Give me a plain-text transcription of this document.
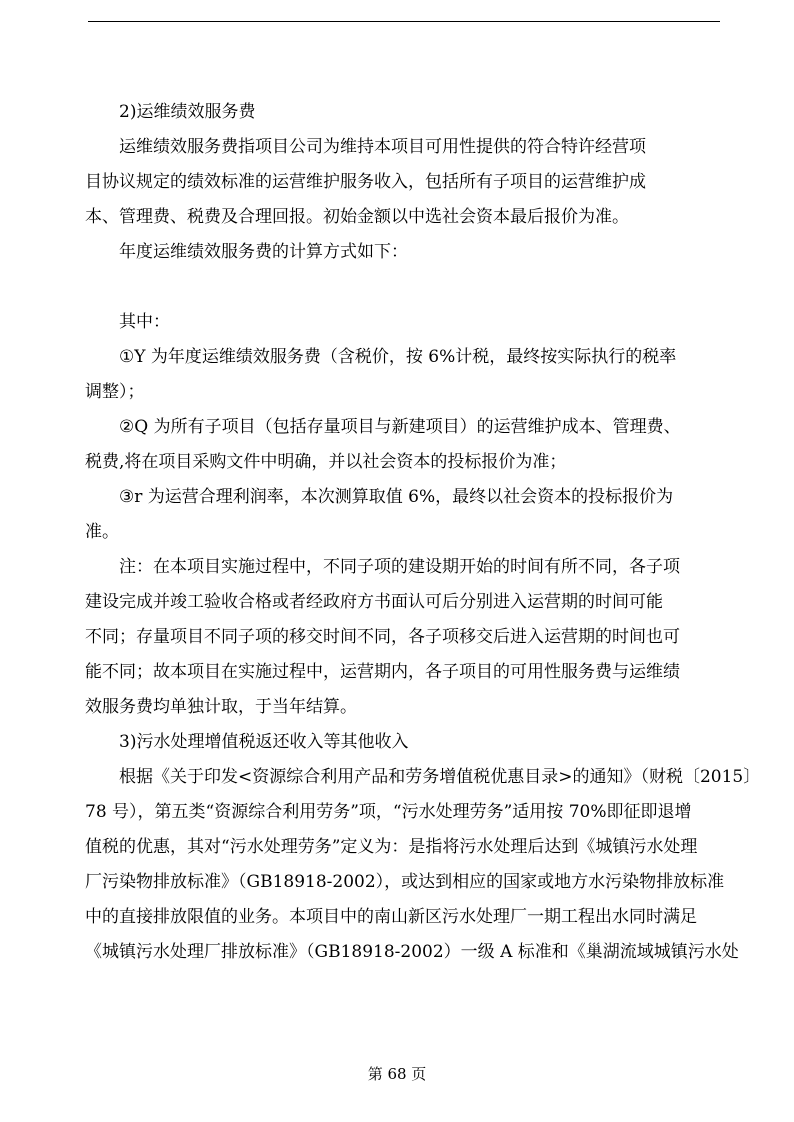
2)运维绩效服务费
运维绩效服务费指项目公司为维持本项目可用性提供的符合特许经营项
目协议规定的绩效标准的运营维护服务收入，包括所有子项目的运营维护成
本、管理费、税费及合理回报。初始金额以中选社会资本最后报价为准。
年度运维绩效服务费的计算方式如下：
其中：
①Y 为年度运维绩效服务费（含税价，按 6%计税，最终按实际执行的税率
调整）；
②Q 为所有子项目（包括存量项目与新建项目）的运营维护成本、管理费、
税费,将在项目采购文件中明确，并以社会资本的投标报价为准；
③r 为运营合理利润率，本次测算取值 6%，最终以社会资本的投标报价为
准。
注：在本项目实施过程中，不同子项的建设期开始的时间有所不同，各子项
建设完成并竣工验收合格或者经政府方书面认可后分别进入运营期的时间可能
不同；存量项目不同子项的移交时间不同，各子项移交后进入运营期的时间也可
能不同；故本项目在实施过程中，运营期内，各子项目的可用性服务费与运维绩
效服务费均单独计取，于当年结算。
3)污水处理增值税返还收入等其他收入
根据《关于印发<资源综合利用产品和劳务增值税优惠目录>的通知》（财税〔2015〕
78 号），第五类“资源综合利用劳务”项，“污水处理劳务”适用按 70%即征即退增
值税的优惠，其对“污水处理劳务”定义为：是指将污水处理后达到《城镇污水处理
厂污染物排放标准》（GB18918-2002），或达到相应的国家或地方水污染物排放标准
中的直接排放限值的业务。本项目中的南山新区污水处理厂一期工程出水同时满足
《城镇污水处理厂排放标准》（GB18918-2002）一级 A 标准和《巢湖流域城镇污水处
第 68 页
